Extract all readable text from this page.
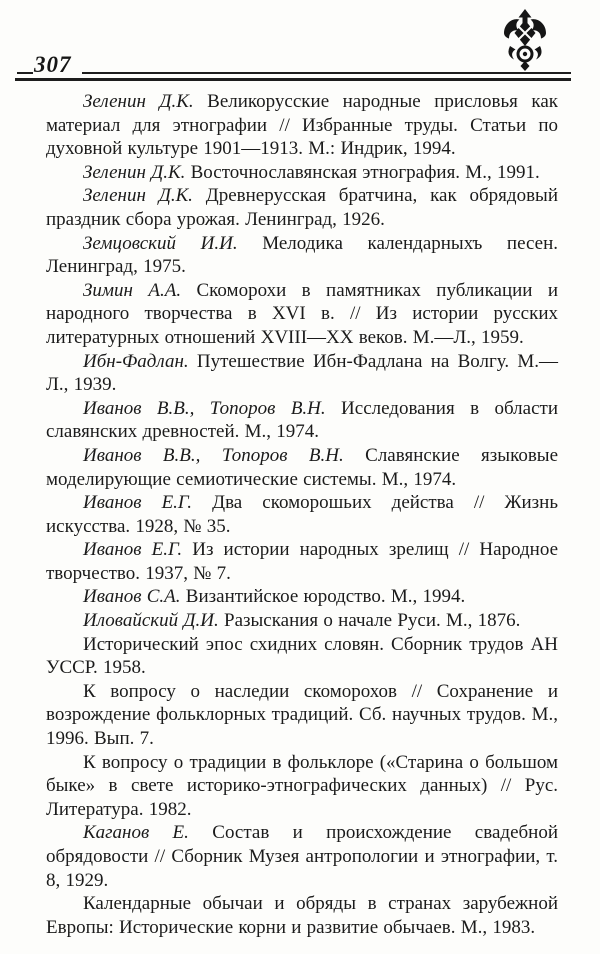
307

Зеленин Д.К. Великорусские народные присловья как материал для этнографии // Избранные труды. Статьи по духовной культуре 1901—1913. М.: Индрик, 1994.

Зеленин Д.К. Восточнославянская этнография. М., 1991.

Зеленин Д.К. Древнерусская братчина, как обрядовый праздник сбора урожая. Ленинград, 1926.

Земцовский И.И. Мелодика календарныхъ песен. Ленинград, 1975.

Зимин А.А. Скоморохи в памятниках публикации и народного творчества в XVI в. // Из истории русских литературных отношений XVIII—XX веков. М.—Л., 1959.

Ибн-Фадлан. Путешествие Ибн-Фадлана на Волгу. М.—Л., 1939.

Иванов В.В., Топоров В.Н. Исследования в области славянских древностей. М., 1974.

Иванов В.В., Топоров В.Н. Славянские языковые моделирующие семиотические системы. М., 1974.

Иванов Е.Г. Два скоморошьих действа // Жизнь искусства. 1928, № 35.

Иванов Е.Г. Из истории народных зрелищ // Народное творчество. 1937, № 7.

Иванов С.А. Византийское юродство. М., 1994.

Иловайский Д.И. Разыскания о начале Руси. М., 1876.

Исторический эпос схидних словян. Сборник трудов АН УССР. 1958.

К вопросу о наследии скоморохов // Сохранение и возрождение фольклорных традиций. Сб. научных трудов. М., 1996. Вып. 7.

К вопросу о традиции в фольклоре («Старина о большом быке» в свете историко-этнографических данных) // Рус. Литература. 1982.

Каганов Е. Состав и происхождение свадебной обрядовости // Сборник Музея антропологии и этнографии, т. 8, 1929.

Календарные обычаи и обряды в странах зарубежной Европы: Исторические корни и развитие обычаев. М., 1983.
